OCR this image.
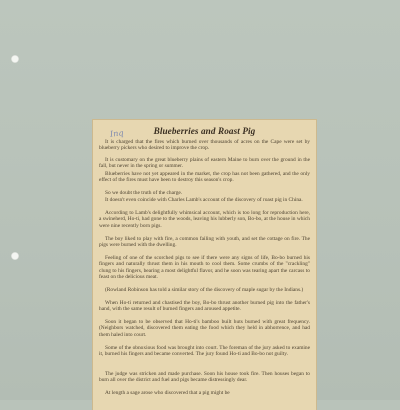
Blueberries and Roast Pig

It is charged that the fires which burned over thousands of acres on the Cape were set by blueberry pickers who desired to improve the crop.

It is customary on the great blueberry plains of eastern Maine to burn over the ground in the fall, but never in the spring or summer.

Blueberries have not yet appeared in the market, the crop has not been gathered, and the only effect of the fires must have been to destroy this season's crop.

So we doubt the truth of the charge.

It doesn't even coincide with Charles Lamb's account of the discovery of roast pig in China.

According to Lamb's delightfully whimsical account, which is too long for reproduction here, a swineherd, Ho-ti, had gone to the woods, leaving his lubberly son, Bo-bo, at the house in which were nine recently born pigs.

The boy liked to play with fire, a common failing with youth, and set the cottage on fire. The pigs were burned with the dwelling.

Feeling of one of the scorched pigs to see if there were any signs of life, Bo-bo burned his fingers and naturally thrust them in his mouth to cool them. Some crumbs of the "crackling" clung to his fingers, bearing a most delightful flavor, and he soon was tearing apart the carcass to feast on the delicious meat.

(Rowland Robinson has told a similar story of the discovery of maple sugar by the Indians.)

When Ho-ti returned and chastised the boy, Bo-bo thrust another burned pig into the father's hand, with the same result of burned fingers and aroused appetite.

Soon it began to be observed that Ho-ti's bamboo built huts burned with great frequency. (Neighbors watched, discovered them eating the food which they held in abhorrence, and had them haled into court.

Some of the obnoxious food was brought into court. The foreman of the jury asked to examine it, burned his fingers and became converted. The jury found Ho-ti and Bo-bo not guilty.

The judge was stricken and made purchase. Soon his house took fire. Then houses began to burn all over the district and fuel and pigs became distressingly dear.

At length a sage arose who discovered that a pig might be

Inq
